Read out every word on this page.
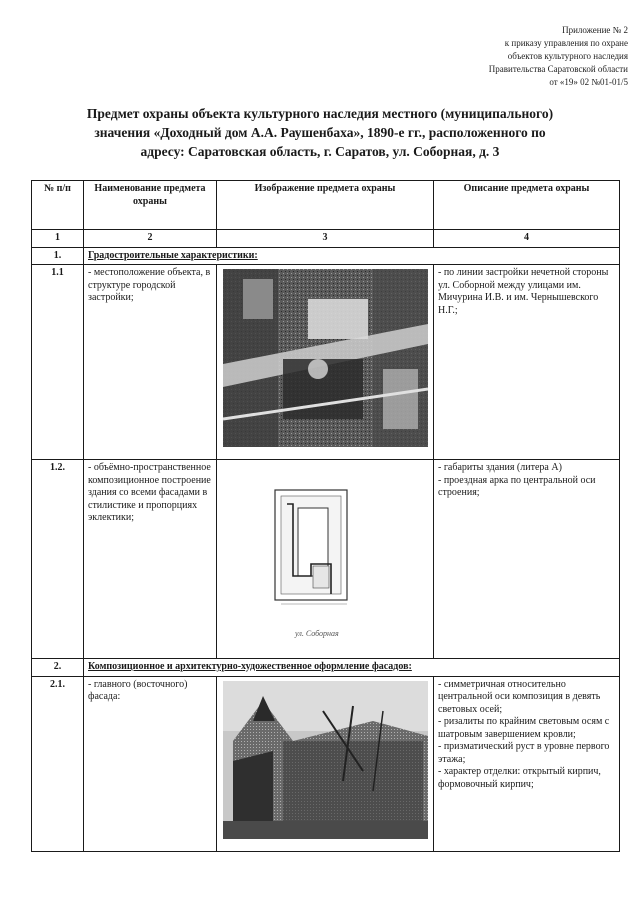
Приложение № 2
к приказу управления по охране
объектов культурного наследия
Правительства Саратовской области
от «19» 02 №01-01/5
Предмет охраны объекта культурного наследия местного (муниципального)
значения «Доходный дом А.А. Раушенбаха», 1890-е гг., расположенного по
адресу: Саратовская область, г. Саратов, ул. Соборная, д. 3
№ п/п	Наименование предмета охраны	Изображение предмета охраны	Описание предмета охраны
1	2	3	4
1.	Градостроительные характеристики:		
1.1	- местоположение объекта, в структуре городской застройки;		- по линии застройки нечетной стороны ул. Соборной между улицами им. Мичурина И.В. и им. Чернышевского Н.Г.;

1.2.	- объёмно-пространственное композиционное построение здания со всеми фасадами в стилистике и пропорциях эклектики;	ул. Соборная	- габариты здания (литера А)
- проездная арка по центральной оси строения;

2.	Композиционное и архитектурно-художественное оформление фасадов:		
2.1.	- главного (восточного) фасада:		- симметричная относительно центральной оси композиция в девять световых осей;
- ризалиты по крайним световым осям с шатровым завершением кровли;
- призматический руст в уровне первого этажа;
- характер отделки: открытый кирпич, формовочный кирпич;
